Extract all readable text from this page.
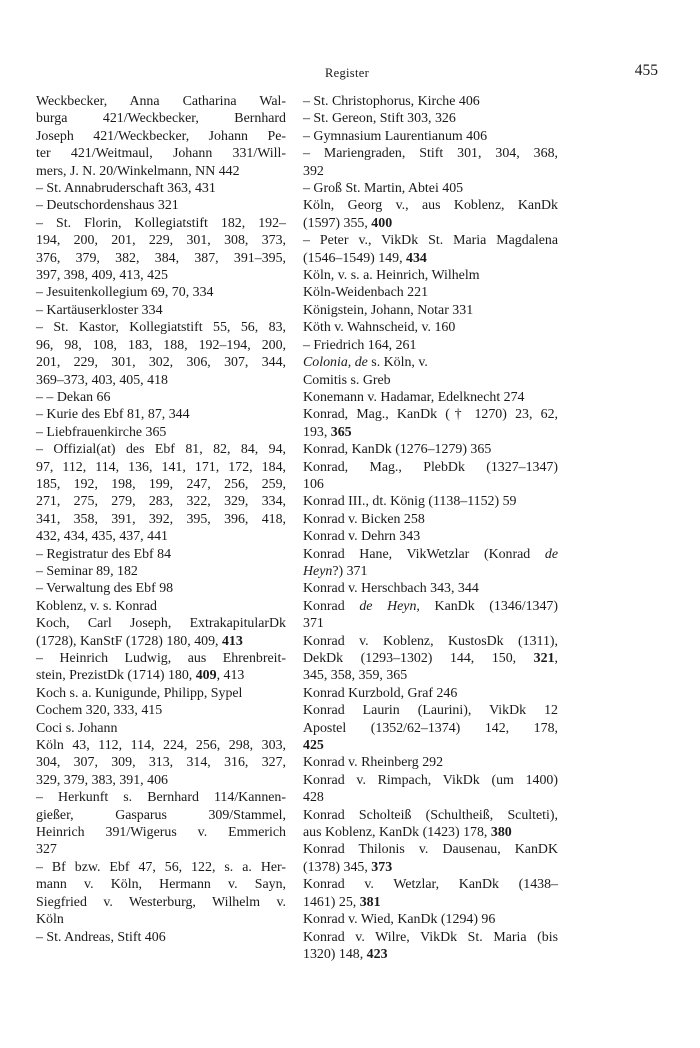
Register	455
Weckbecker, Anna Catharina Wal-
burga 421/Weckbecker, Bernhard
Joseph 421/Weckbecker, Johann Pe-
ter 421/Weitmaul, Johann 331/Will-
mers, J. N. 20/Winkelmann, NN 442
– St. Annabruderschaft 363, 431
– Deutschordenshaus 321
– St. Florin, Kollegiatstift 182, 192–
194, 200, 201, 229, 301, 308, 373,
376, 379, 382, 384, 387, 391–395,
397, 398, 409, 413, 425
– Jesuitenkollegium 69, 70, 334
– Kartäuserkloster 334
– St. Kastor, Kollegiatstift 55, 56, 83,
96, 98, 108, 183, 188, 192–194, 200,
201, 229, 301, 302, 306, 307, 344,
369–373, 403, 405, 418
– – Dekan 66
– Kurie des Ebf 81, 87, 344
– Liebfrauenkirche 365
– Offizial(at) des Ebf 81, 82, 84, 94,
97, 112, 114, 136, 141, 171, 172, 184,
185, 192, 198, 199, 247, 256, 259,
271, 275, 279, 283, 322, 329, 334,
341, 358, 391, 392, 395, 396, 418,
432, 434, 435, 437, 441
– Registratur des Ebf 84
– Seminar 89, 182
– Verwaltung des Ebf 98
Koblenz, v. s. Konrad
Koch, Carl Joseph, ExtrakapitularDk
(1728), KanStF (1728) 180, 409, 413
– Heinrich Ludwig, aus Ehrenbreit-
stein, PrezistDk (1714) 180, 409, 413
Koch s. a. Kunigunde, Philipp, Sypel
Cochem 320, 333, 415
Coci s. Johann
Köln 43, 112, 114, 224, 256, 298, 303,
304, 307, 309, 313, 314, 316, 327,
329, 379, 383, 391, 406
– Herkunft s. Bernhard 114/Kannen-
gießer, Gasparus 309/Stammel,
Heinrich 391/Wigerus v. Emmerich
327
– Bf bzw. Ebf 47, 56, 122, s. a. Her-
mann v. Köln, Hermann v. Sayn,
Siegfried v. Westerburg, Wilhelm v.
Köln
– St. Andreas, Stift 406
– St. Christophorus, Kirche 406
– St. Gereon, Stift 303, 326
– Gymnasium Laurentianum 406
– Mariengraden, Stift 301, 304, 368,
392
– Groß St. Martin, Abtei 405
Köln, Georg v., aus Koblenz, KanDk
(1597) 355, 400
– Peter v., VikDk St. Maria Magdalena
(1546–1549) 149, 434
Köln, v. s. a. Heinrich, Wilhelm
Köln-Weidenbach 221
Königstein, Johann, Notar 331
Köth v. Wahnscheid, v. 160
– Friedrich 164, 261
Colonia, de s. Köln, v.
Comitis s. Greb
Konemann v. Hadamar, Edelknecht 274
Konrad, Mag., KanDk († 1270) 23, 62,
193, 365
Konrad, KanDk (1276–1279) 365
Konrad, Mag., PlebDk (1327–1347)
106
Konrad III., dt. König (1138–1152) 59
Konrad v. Bicken 258
Konrad v. Dehrn 343
Konrad Hane, VikWetzlar (Konrad de
Heyn?) 371
Konrad v. Herschbach 343, 344
Konrad de Heyn, KanDk (1346/1347)
371
Konrad v. Koblenz, KustosDk (1311),
DekDk (1293–1302) 144, 150, 321,
345, 358, 359, 365
Konrad Kurzbold, Graf 246
Konrad Laurin (Laurini), VikDk 12
Apostel (1352/62–1374) 142, 178,
425
Konrad v. Rheinberg 292
Konrad v. Rimpach, VikDk (um 1400)
428
Konrad Scholteiß (Schultheiß, Sculteti),
aus Koblenz, KanDk (1423) 178, 380
Konrad Thilonis v. Dausenau, KanDK
(1378) 345, 373
Konrad v. Wetzlar, KanDk (1438–
1461) 25, 381
Konrad v. Wied, KanDk (1294) 96
Konrad v. Wilre, VikDk St. Maria (bis
1320) 148, 423
